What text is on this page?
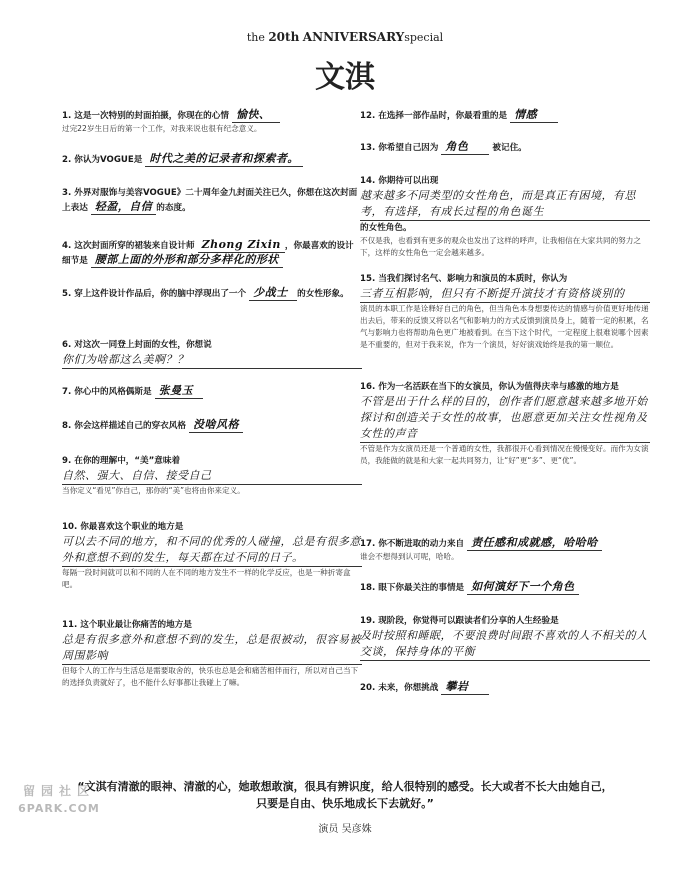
the 20th ANNIVERSARYspecial
文淇
1. 这是一次特别的封面拍摄，你现在的心情 愉快、
过完22岁生日后的第一个工作，对我来说也很有纪念意义。
2. 你认为VOGUE是 时代之美的记录者和探索者。
3. 外界对服饰与美容VOGUE》二十周年金九封面关注已久，你想在这次封面上表达 轻盈，自信 的态度。
4. 这次封面所穿的裙装来自设计师 Zhong Zixin ，你最喜欢的设计细节是 腰部上面的外形和部分多样化的形状
5. 穿上这件设计作品后，你的脑中浮现出了一个 少战士 的女性形象。
6. 对这次一同登上封面的女性，你想说
你们为啥都这么美啊？？
7. 你心中的风格偶斯是 张曼玉
8. 你会这样描述自己的穿衣风格 没啥风格
9. 在你的理解中，“美”意味着
自然、强大、自信、接受自己
当你定义“看见”你自己，那你的“美”也将由你来定义。
10. 你最喜欢这个职业的地方是
可以去不同的地方，和不同的优秀的人碰撞，总是有很多意外和意想不到的发生，每天都在过不同的日子。
每隔一段时间就可以和不同的人在不同的地方发生不一样的化学反应，也是一种折寄盒吧。
11. 这个职业最让你痛苦的地方是
总是有很多意外和意想不到的发生，总是很被动，很容易被周围影响
但每个人的工作与生活总是需要取舍的，快乐也总是会和痛苦相伴而行，所以对自己当下的选择负责就好了，也不能什么好事都让我碰上了嘛。
12. 在选择一部作品时，你最看重的是 情感
13. 你希望自己因为 角色	被记住。
14. 你期待可以出现
越来越多不同类型的女性角色，而是真正有困境，有思考，有选择，有成长过程的角色诞生
的女性角色。
不仅是我，也看到有更多的观众也发出了这样的呼声，让我相信在大家共同的努力之下，这样的女性角色一定会越来越多。
15. 当我们探讨名气、影响力和演员的本质时，你认为
三者互相影响，但只有不断提升演技才有资格谈别的
演员的本职工作是诠释好自己的角色，但当角色本身想要传达的情感与价值更好地传递出去后，带来的反馈又将以名气和影响力的方式反馈到演员身上，随着一定的积累，名气与影响力也将帮助角色更广地被看到。在当下这个时代，一定程度上很难说哪个因素是不重要的，但对于我来说，作为一个演员，好好演戏始终是我的第一顺位。
16. 作为一名活跃在当下的女演员，你认为值得庆幸与感激的地方是
不管是出于什么样的目的，创作者们愿意越来越多地开始探讨和创造关于女性的故事，也愿意更加关注女性视角及女性的声音
不管是作为女演员还是一个普通的女性，我都很开心看到情况在慢慢变好。而作为女演员，我能做的就是和大家一起共同努力，让“好”更“多”、更“优”。
17. 你不断进取的动力来自 责任感和成就感，哈哈哈
谁会不想得到认可呢，哈哈。
18. 眼下你最关注的事情是 如何演好下一个角色
19. 现阶段，你觉得可以跟读者们分享的人生经验是
及时按照和睡眠，不要浪费时间跟不喜欢的人不相关的人交谈，保持身体的平衡
20. 未来，你想挑战 攀岩
留园社区
6PARK.COM
“文淇有清澈的眼神、清澈的心，她敢想敢演，很具有辨识度，给人很特别的感受。长大或者不长大由她自己，
只要是自由、快乐地成长下去就好。”
演员 吴彦姝
